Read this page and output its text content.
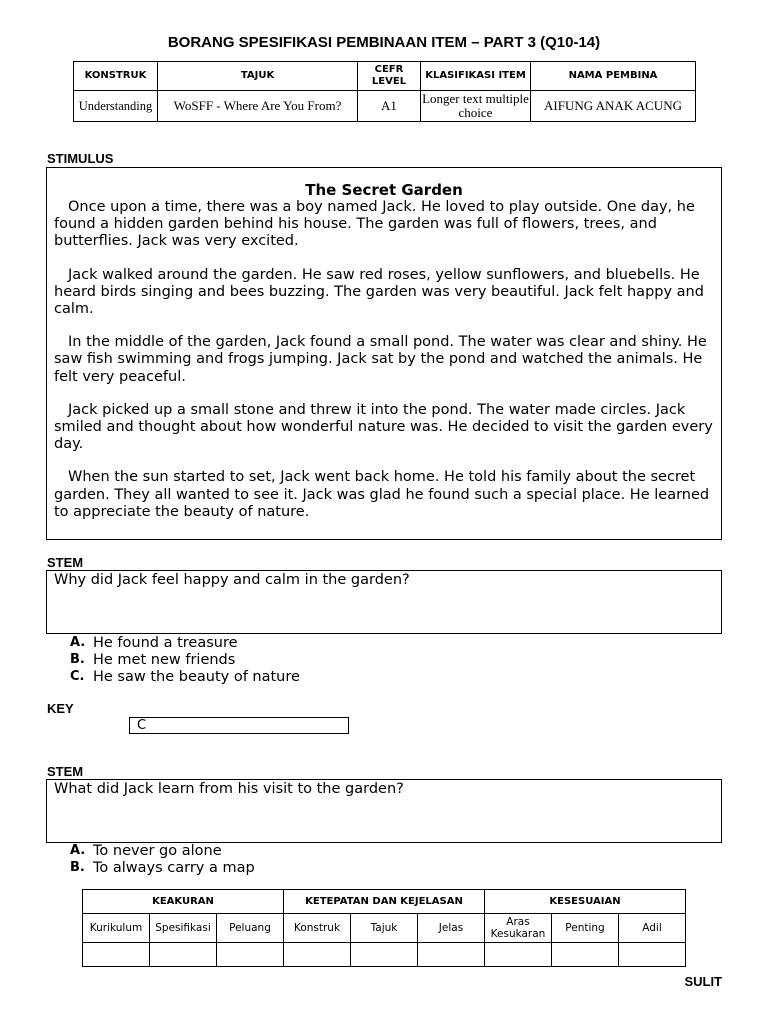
BORANG SPESIFIKASI PEMBINAAN ITEM – PART 3 (Q10-14)
KONSTRUK	TAJUK	CEFR LEVEL	KLASIFIKASI ITEM	NAMA PEMBINA
Understanding	WoSFF - Where Are You From?	A1	Longer text multiple choice	AIFUNG ANAK ACUNG
STIMULUS
The Secret Garden

Once upon a time, there was a boy named Jack. He loved to play outside. One day, he found a hidden garden behind his house. The garden was full of flowers, trees, and butterflies. Jack was very excited.

Jack walked around the garden. He saw red roses, yellow sunflowers, and bluebells. He heard birds singing and bees buzzing. The garden was very beautiful. Jack felt happy and calm.

In the middle of the garden, Jack found a small pond. The water was clear and shiny. He saw fish swimming and frogs jumping. Jack sat by the pond and watched the animals. He felt very peaceful.

Jack picked up a small stone and threw it into the pond. The water made circles. Jack smiled and thought about how wonderful nature was. He decided to visit the garden every day.

When the sun started to set, Jack went back home. He told his family about the secret garden. They all wanted to see it. Jack was glad he found such a special place. He learned to appreciate the beauty of nature.

STEM
Why did Jack feel happy and calm in the garden?
A. He found a treasure
B. He met new friends
C. He saw the beauty of nature
KEY
C
STEM
What did Jack learn from his visit to the garden?
A. To never go alone
B. To always carry a map
KEAKURAN			KETEPATAN DAN KEJELASAN			KESESUAIAN		
Kurikulum	Spesifikasi	Peluang	Konstruk	Tajuk	Jelas	Aras Kesukaran	Penting	Adil

SULIT
